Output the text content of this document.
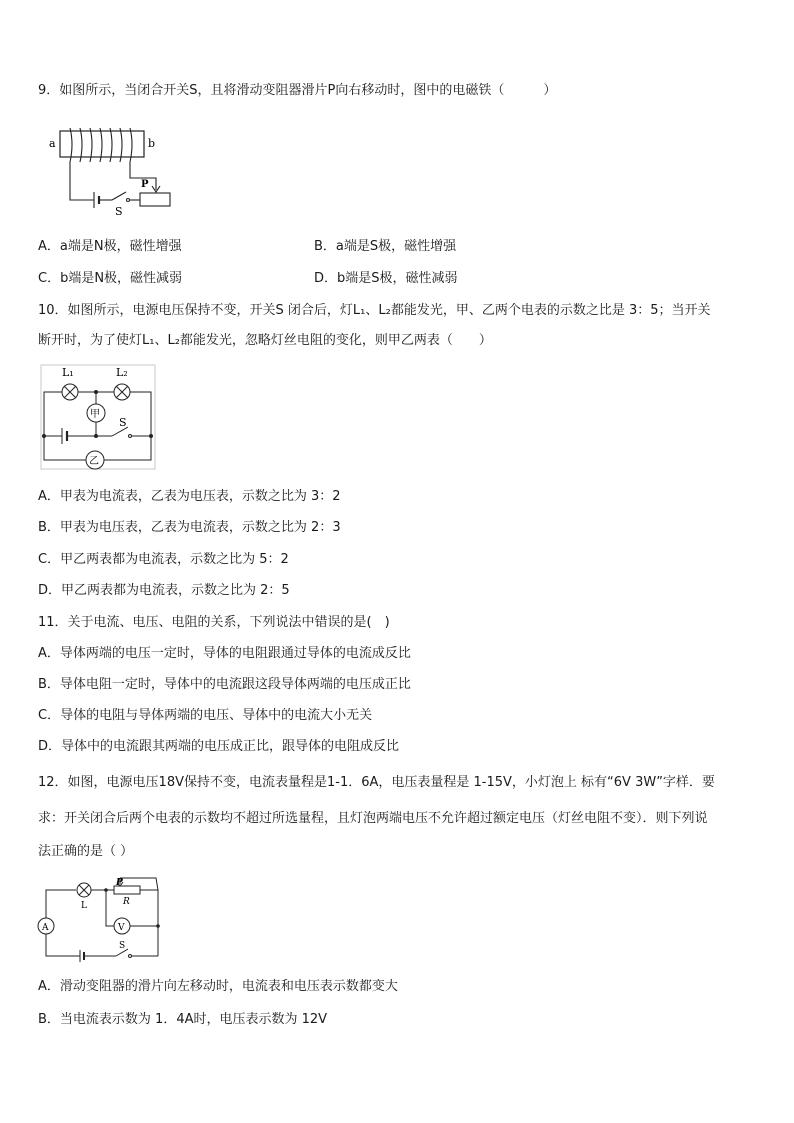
9．如图所示，当闭合开关S，且将滑动变阻器滑片P向右移动时，图中的电磁铁（　　　）
a	b
P
S
A．a端是N极，磁性增强	B．a端是S极，磁性增强
C．b端是N极，磁性减弱	D．b端是S极，磁性减弱
10．如图所示，电源电压保持不变，开关S 闭合后，灯L₁、L₂都能发光，甲、乙两个电表的示数之比是 3：5；当开关
断开时，为了使灯L₁、L₂都能发光，忽略灯丝电阻的变化，则甲乙两表（　　）
L₁	L₂
甲
乙
S
A．甲表为电流表，乙表为电压表，示数之比为 3：2
B．甲表为电压表，乙表为电流表，示数之比为 2：3
C．甲乙两表都为电流表，示数之比为 5：2
D．甲乙两表都为电流表，示数之比为 2：5
11．关于电流、电压、电阻的关系，下列说法中错误的是(　)
A．导体两端的电压一定时，导体的电阻跟通过导体的电流成反比
B．导体电阻一定时，导体中的电流跟这段导体两端的电压成正比
C．导体的电阻与导体两端的电压、导体中的电流大小无关
D．导体中的电流跟其两端的电压成正比，跟导体的电阻成反比
12．如图，电源电压18V保持不变，电流表量程是1-1．6A，电压表量程是 1-15V，小灯泡上 标有“6V 3W”字样．要
求：开关闭合后两个电表的示数均不超过所选量程，且灯泡两端电压不允许超过额定电压（灯丝电阻不变）．则下列说
法正确的是（ ）
P
R
L
A	V
S
A．滑动变阻器的滑片向左移动时，电流表和电压表示数都变大
B．当电流表示数为 1．4A时，电压表示数为 12V
